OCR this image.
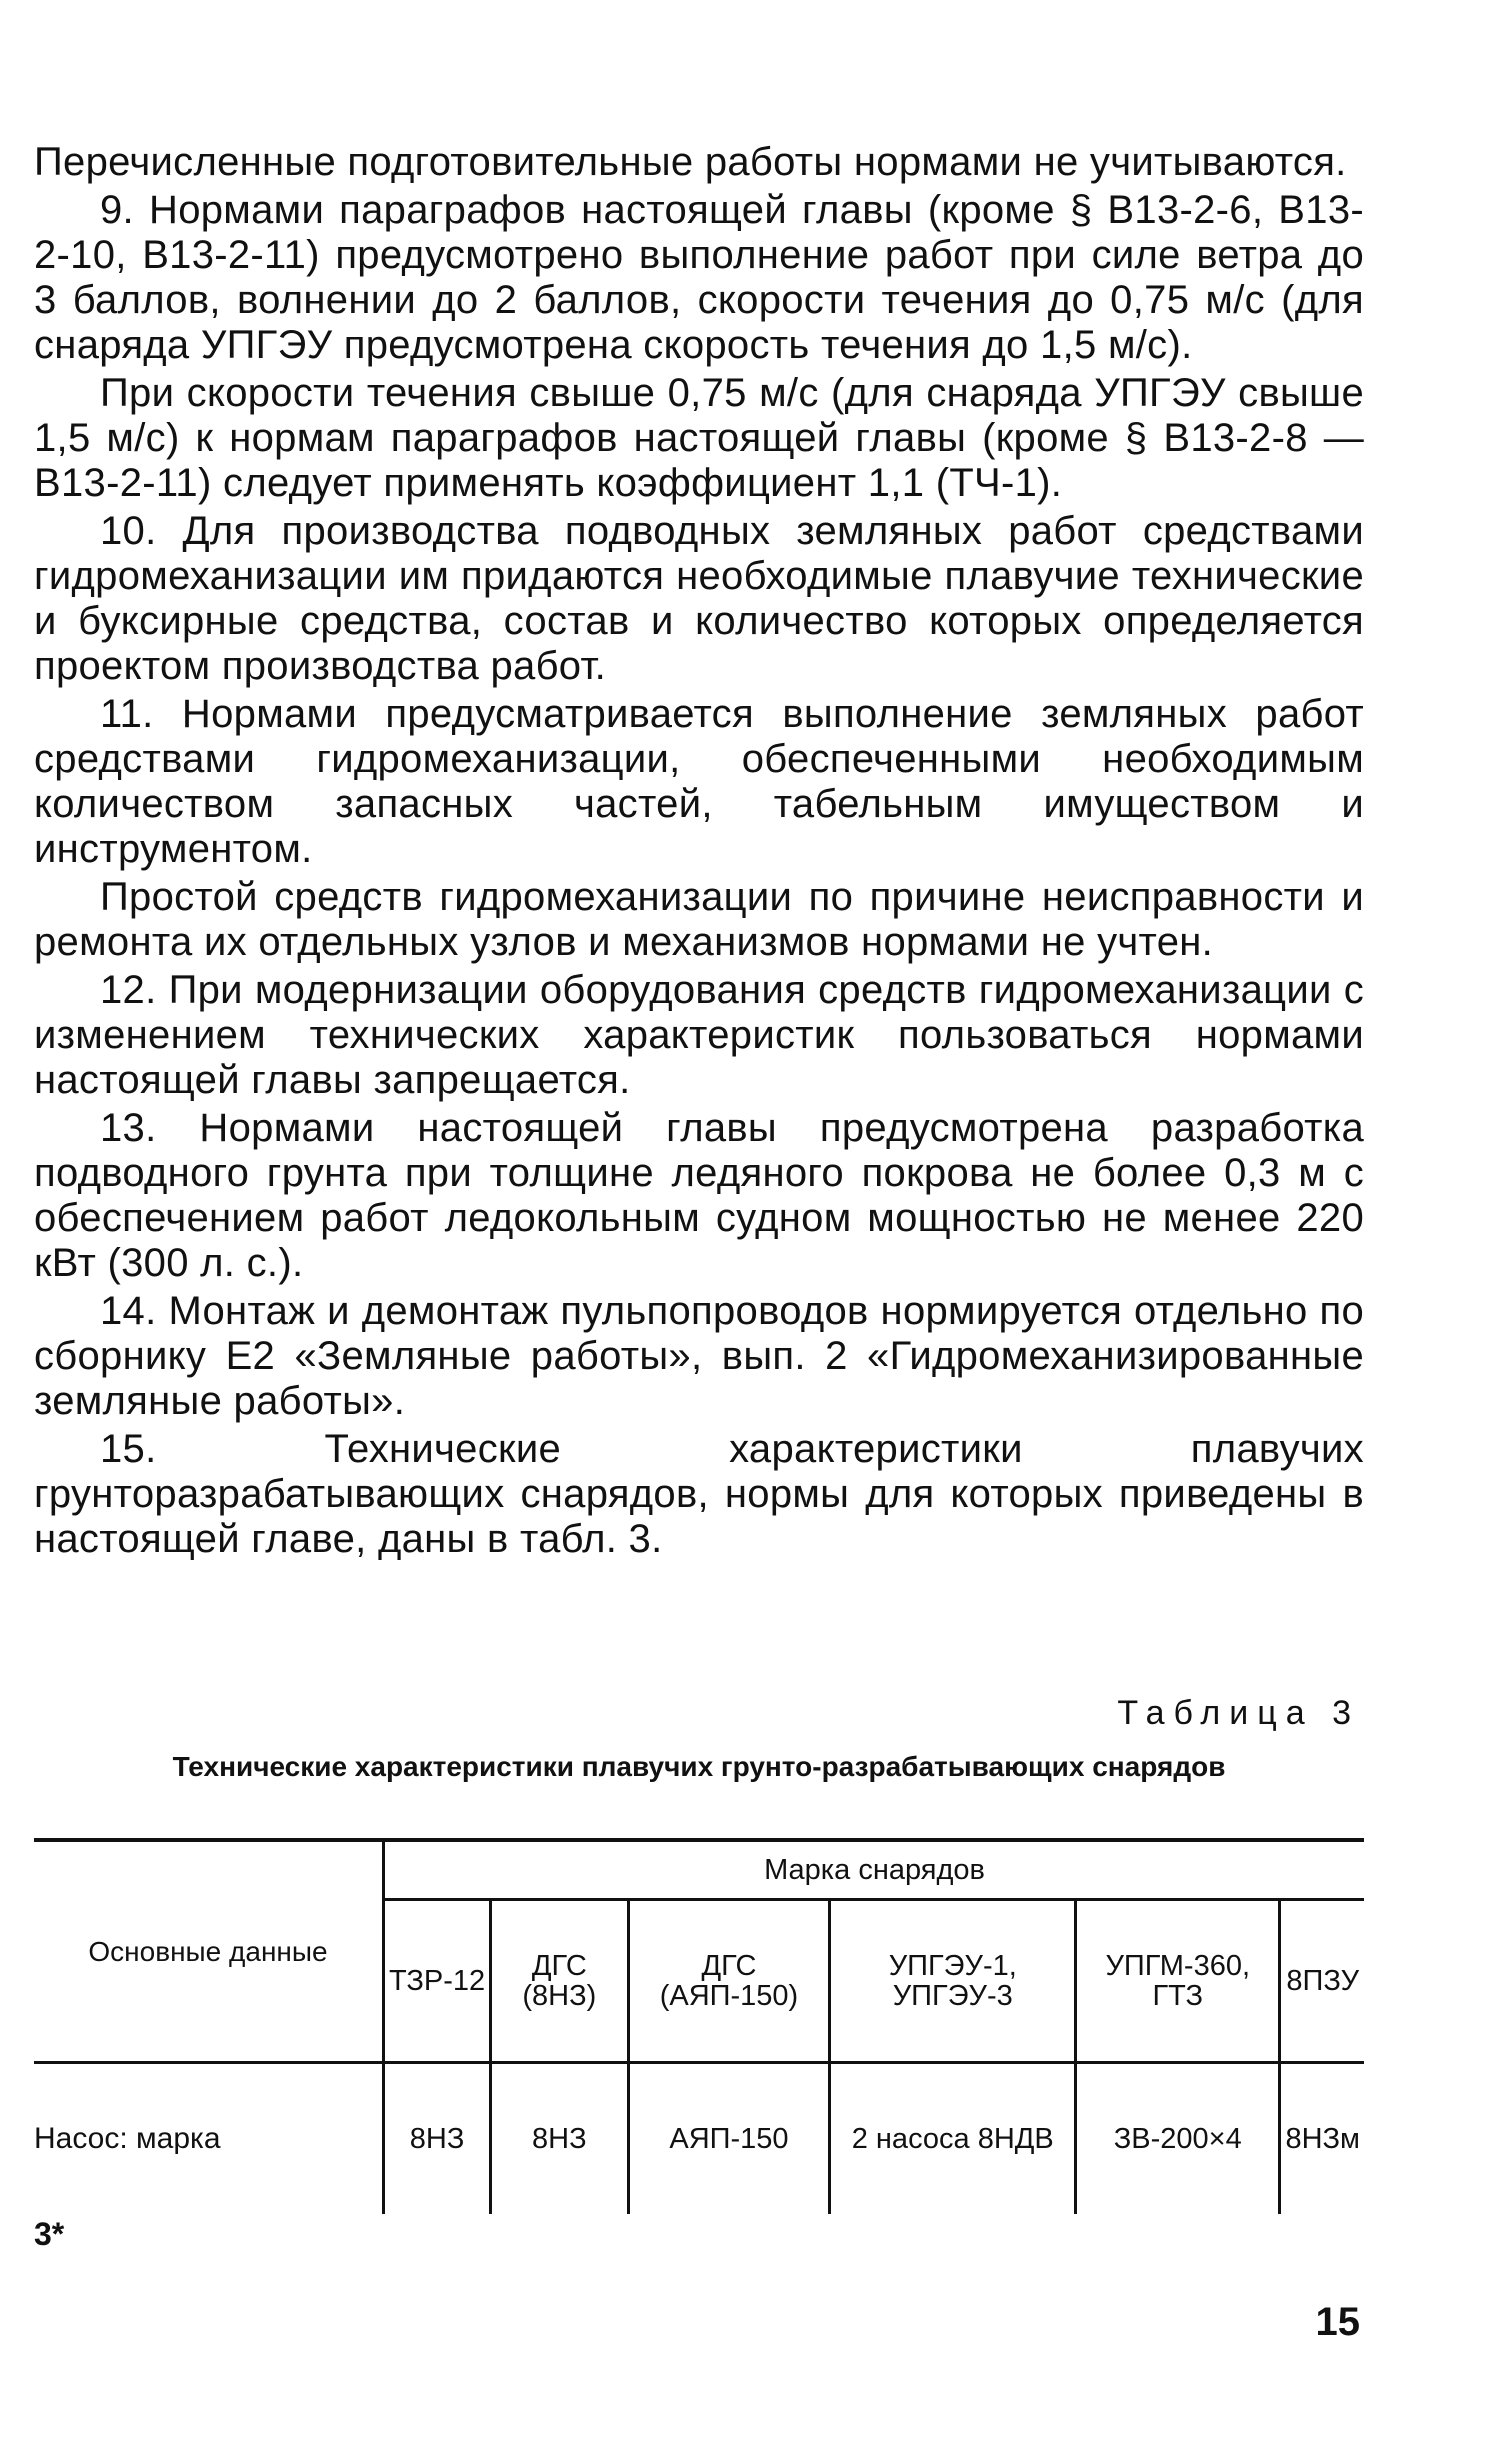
Перечисленные подготовительные работы нормами не учитываются.

9. Нормами параграфов настоящей главы (кроме § В13-2-6, В13-2-10, В13-2-11) предусмотрено выполнение работ при силе ветра до 3 баллов, волнении до 2 баллов, скорости течения до 0,75 м/с (для снаряда УПГЭУ предусмотрена скорость течения до 1,5 м/с).

При скорости течения свыше 0,75 м/с (для снаряда УПГЭУ свыше 1,5 м/с) к нормам параграфов настоящей главы (кроме § В13-2-8 — В13-2-11) следует применять коэффициент 1,1 (ТЧ-1).

10. Для производства подводных земляных работ средствами гидромеханизации им придаются необходимые плавучие технические и буксирные средства, состав и количество которых определяется проектом производства работ.

11. Нормами предусматривается выполнение земляных работ средствами гидромеханизации, обеспеченными необходимым количеством запасных частей, табельным имуществом и инструментом.

Простой средств гидромеханизации по причине неисправности и ремонта их отдельных узлов и механизмов нормами не учтен.

12. При модернизации оборудования средств гидромеханизации с изменением технических характеристик пользоваться нормами настоящей главы запрещается.

13. Нормами настоящей главы предусмотрена разработка подводного грунта при толщине ледяного покрова не более 0,3 м с обеспечением работ ледокольным судном мощностью не менее 220 кВт (300 л. с.).

14. Монтаж и демонтаж пульпопроводов нормируется отдельно по сборнику Е2 «Земляные работы», вып. 2 «Гидромеханизированные земляные работы».

15. Технические характеристики плавучих грунторазрабатывающих снарядов, нормы для которых приведены в настоящей главе, даны в табл. 3.

Таблица 3
Технические характеристики плавучих грунто-разрабатывающих снарядов
Основные данные	Марка снарядов					
	ТЗР-12	ДГС (8НЗ)	ДГС (АЯП-150)	УПГЭУ-1, УПГЭУ-3	УПГМ-360, ГТЗ	8ПЗУ
Насос: марка	8НЗ	8НЗ	АЯП-150	2 насоса 8НДВ	ЗВ-200×4	8НЗм
3*
15
